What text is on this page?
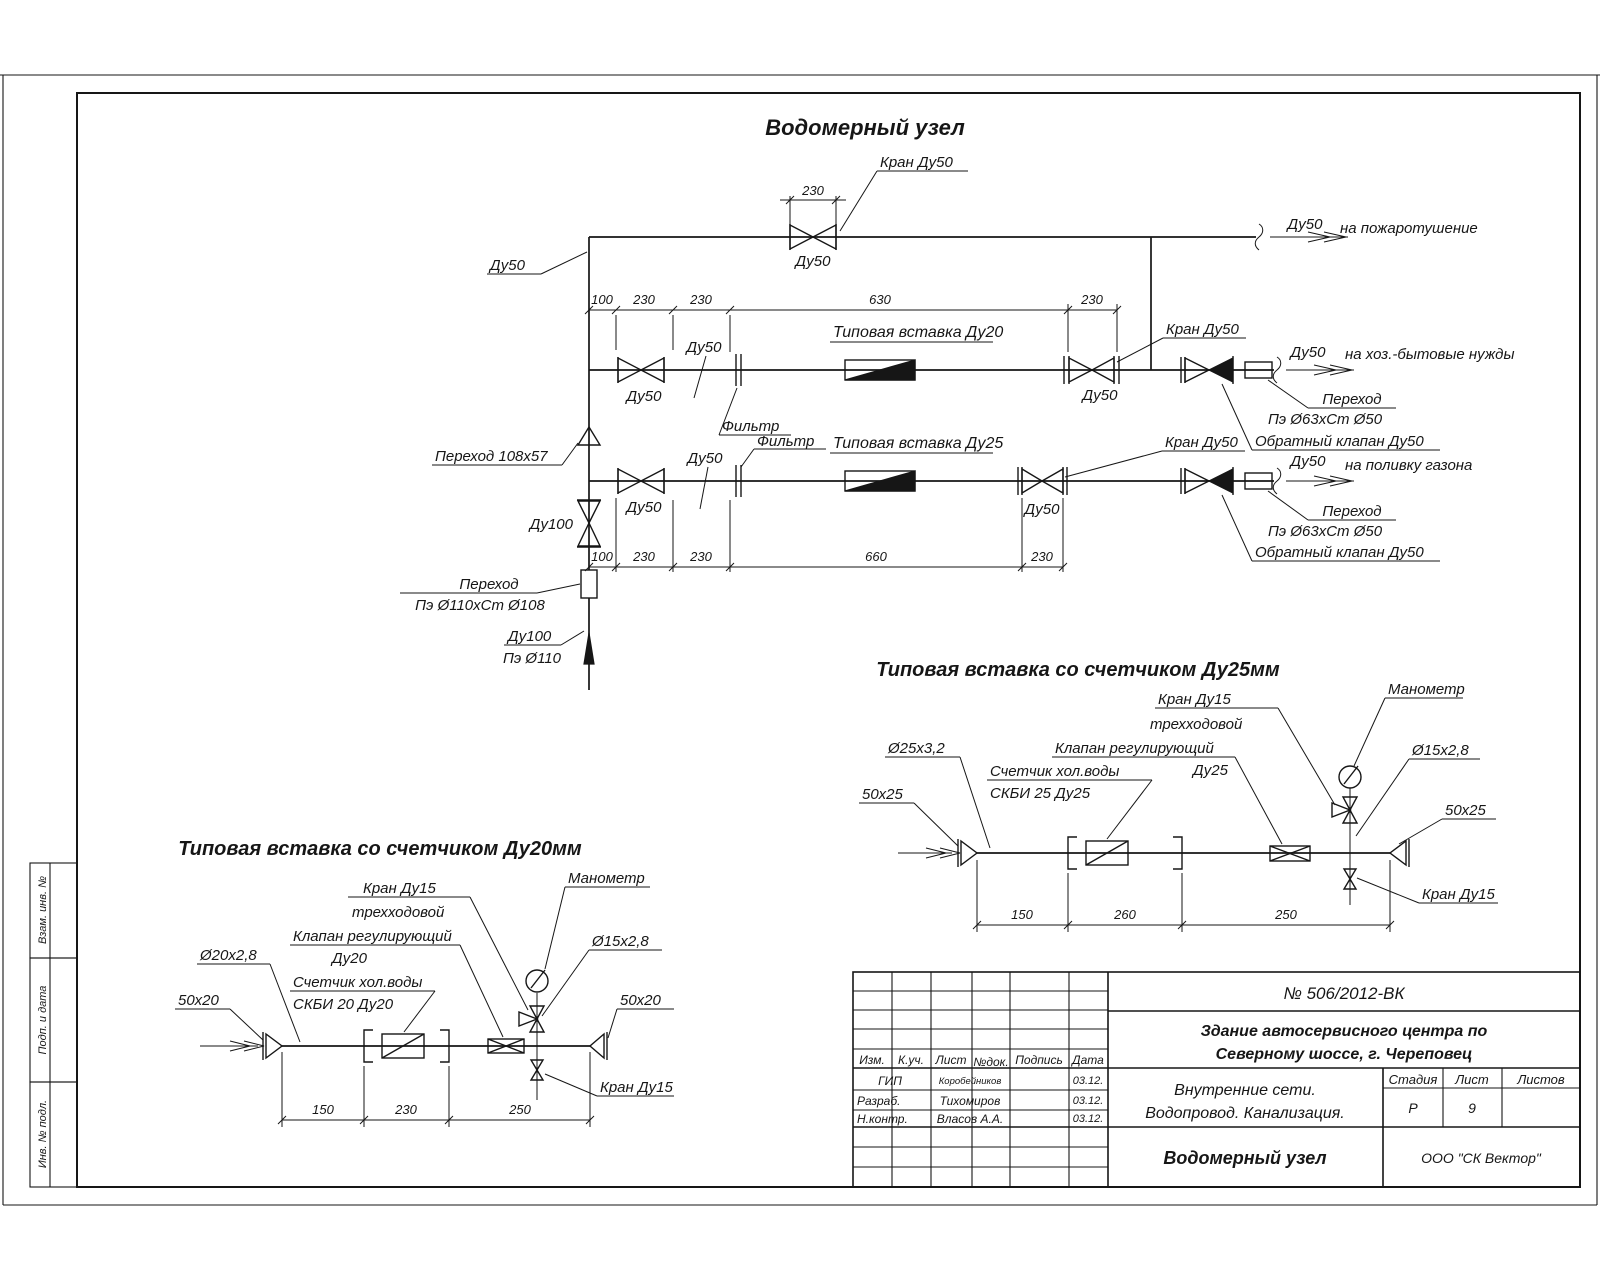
Взам. инв. №
Подп. и дата
Инв. № подл.
Водомерный узел
230
Кран Ду50
Ду50
Ду50 на пожаротушение
Ду50
100 230	230	630	230
Типовая вставка Ду20
Ду50
Ду50
Фильтр
Фильтр
Ду50
Кран Ду50
Ду50 на хоз.-бытовые нужды
Переход
Пэ Ø63хСт Ø50
Обратный клапан Ду50
Переход 108х57
Ду100
Переход
Пэ Ø110хСт Ø108
Ду100
Пэ Ø110
Типовая вставка Ду25
Ду50
Ду50	Ду50
Кран Ду50
Ду50 на поливку газона
Переход
Пэ Ø63хСт Ø50
Обратный клапан Ду50
100 230	230	660	230
Типовая вставка со счетчиком Ду20мм
150	230	250
Кран Ду15
трехходовой
Клапан регулирующий
Ду20
Счетчик хол.воды
СКБИ 20 Ду20
Ø20х2,8
50х20
Манометр
Ø15х2,8
50х20
Кран Ду15
Типовая вставка со счетчиком Ду25мм
150	260	250
Кран Ду15
трехходовой
Клапан регулирующий
Ду25
Счетчик хол.воды
СКБИ 25 Ду25
Ø25х3,2
50х25
Манометр
Ø15х2,8
50х25
Кран Ду15
№ 506/2012-ВК
Здание автосервисного центра по
Северному шоссе, г. Череповец
Внутренние сети.
Водопровод. Канализация.
Стадия Лист Листов
Р	9
Водомерный узел	ООО "СК Вектор"
Изм. К.уч. Лист №док. Подпись Дата
ГИП	Коробейников	03.12.
Разраб.	Тихомиров	03.12.
Н.контр. Власов А.А.	03.12.
